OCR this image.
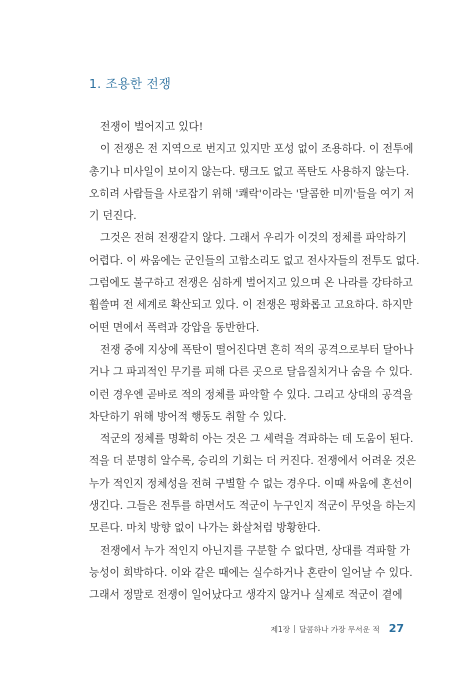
1. 조용한 전쟁
전쟁이 벌어지고 있다!
이 전쟁은 전 지역으로 번지고 있지만 포성 없이 조용하다. 이 전투에
총기나 미사일이 보이지 않는다. 탱크도 없고 폭탄도 사용하지 않는다.
오히려 사람들을 사로잡기 위해 '쾌락'이라는 '달콤한 미끼'들을 여기 저
기 던진다.
그것은 전혀 전쟁같지 않다. 그래서 우리가 이것의 정체를 파악하기
어렵다. 이 싸움에는 군인들의 고함소리도 없고 전사자들의 전투도 없다.
그럼에도 불구하고 전쟁은 심하게 벌어지고 있으며 온 나라를 강타하고
휩쓸며 전 세계로 확산되고 있다. 이 전쟁은 평화롭고 고요하다. 하지만
어떤 면에서 폭력과 강압을 동반한다.
전쟁 중에 지상에 폭탄이 떨어진다면 흔히 적의 공격으로부터 달아나
거나 그 파괴적인 무기를 피해 다른 곳으로 달음질치거나 숨을 수 있다.
이런 경우엔 곧바로 적의 정체를 파악할 수 있다. 그리고 상대의 공격을
차단하기 위해 방어적 행동도 취할 수 있다.
적군의 정체를 명확히 아는 것은 그 세력을 격파하는 데 도움이 된다.
적을 더 분명히 알수록, 승리의 기회는 더 커진다. 전쟁에서 어려운 것은
누가 적인지 정체성을 전혀 구별할 수 없는 경우다. 이때 싸움에 혼선이
생긴다. 그들은 전투를 하면서도 적군이 누구인지 적군이 무엇을 하는지
모른다. 마치 방향 없이 나가는 화살처럼 방황한다.
전쟁에서 누가 적인지 아닌지를 구분할 수 없다면, 상대를 격파할 가
능성이 희박하다. 이와 같은 때에는 실수하거나 혼란이 일어날 수 있다.
그래서 정말로 전쟁이 일어났다고 생각지 않거나 실제로 적군이 곁에
제1장 달콤하나 가장 무서운 적 27
